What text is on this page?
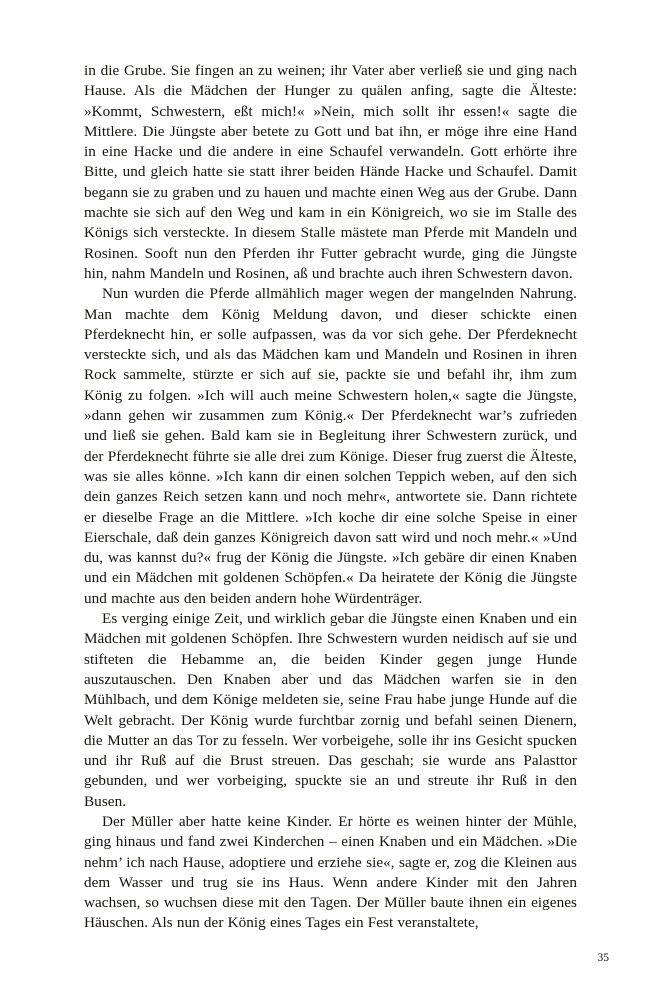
in die Grube. Sie fingen an zu weinen; ihr Vater aber verließ sie und ging nach Hause. Als die Mädchen der Hunger zu quälen anfing, sagte die Älteste: »Kommt, Schwestern, eßt mich!« »Nein, mich sollt ihr essen!« sagte die Mittlere. Die Jüngste aber betete zu Gott und bat ihn, er möge ihre eine Hand in eine Hacke und die andere in eine Schaufel verwandeln. Gott erhörte ihre Bitte, und gleich hatte sie statt ihrer beiden Hände Hacke und Schaufel. Damit begann sie zu graben und zu hauen und machte einen Weg aus der Grube. Dann machte sie sich auf den Weg und kam in ein Königreich, wo sie im Stalle des Königs sich versteckte. In diesem Stalle mästete man Pferde mit Mandeln und Rosinen. Sooft nun den Pferden ihr Futter gebracht wurde, ging die Jüngste hin, nahm Mandeln und Rosinen, aß und brachte auch ihren Schwestern davon.

Nun wurden die Pferde allmählich mager wegen der mangelnden Nahrung. Man machte dem König Meldung davon, und dieser schickte einen Pferdeknecht hin, er solle aufpassen, was da vor sich gehe. Der Pferdeknecht versteckte sich, und als das Mädchen kam und Mandeln und Rosinen in ihren Rock sammelte, stürzte er sich auf sie, packte sie und befahl ihr, ihm zum König zu folgen. »Ich will auch meine Schwestern holen,« sagte die Jüngste, »dann gehen wir zusammen zum König.« Der Pferdeknecht war’s zufrieden und ließ sie gehen. Bald kam sie in Begleitung ihrer Schwestern zurück, und der Pferdeknecht führte sie alle drei zum Könige. Dieser frug zuerst die Älteste, was sie alles könne. »Ich kann dir einen solchen Teppich weben, auf den sich dein ganzes Reich setzen kann und noch mehr«, antwortete sie. Dann richtete er dieselbe Frage an die Mittlere. »Ich koche dir eine solche Speise in einer Eierschale, daß dein ganzes Königreich davon satt wird und noch mehr.« »Und du, was kannst du?« frug der König die Jüngste. »Ich gebäre dir einen Knaben und ein Mädchen mit goldenen Schöpfen.« Da heiratete der König die Jüngste und machte aus den beiden andern hohe Würdenträger.

Es verging einige Zeit, und wirklich gebar die Jüngste einen Knaben und ein Mädchen mit goldenen Schöpfen. Ihre Schwestern wurden neidisch auf sie und stifteten die Hebamme an, die beiden Kinder gegen junge Hunde auszutauschen. Den Knaben aber und das Mädchen warfen sie in den Mühlbach, und dem Könige meldeten sie, seine Frau habe junge Hunde auf die Welt gebracht. Der König wurde furchtbar zornig und befahl seinen Dienern, die Mutter an das Tor zu fesseln. Wer vorbeigehe, solle ihr ins Gesicht spucken und ihr Ruß auf die Brust streuen. Das geschah; sie wurde ans Palasttor gebunden, und wer vorbeiging, spuckte sie an und streute ihr Ruß in den Busen.

Der Müller aber hatte keine Kinder. Er hörte es weinen hinter der Mühle, ging hinaus und fand zwei Kinderchen – einen Knaben und ein Mädchen. »Die nehm’ ich nach Hause, adoptiere und erziehe sie«, sagte er, zog die Kleinen aus dem Wasser und trug sie ins Haus. Wenn andere Kinder mit den Jahren wachsen, so wuchsen diese mit den Tagen. Der Müller baute ihnen ein eigenes Häuschen. Als nun der König eines Tages ein Fest veranstaltete,

35
